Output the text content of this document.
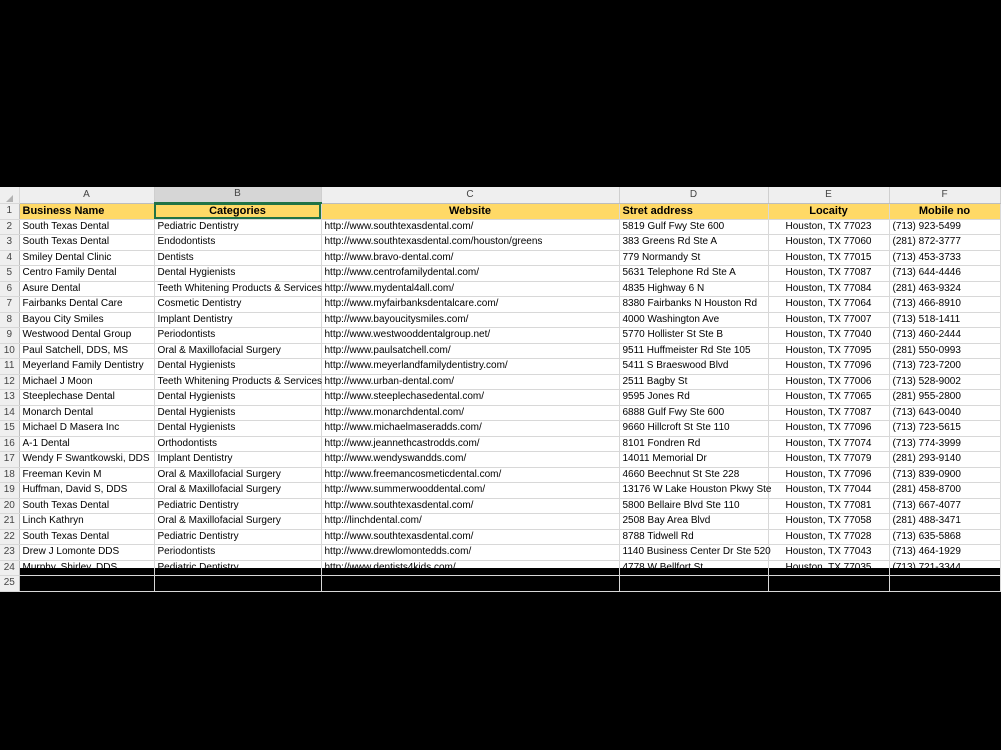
	A	B	C	D	E	F
1	Business Name	Categories	Website	Stret address	Locaity	Mobile no
2	South Texas Dental	Pediatric Dentistry	http://www.southtexasdental.com/	5819 Gulf Fwy Ste 600	Houston, TX 77023	(713) 923-5499
3	South Texas Dental	Endodontists	http://www.southtexasdental.com/houston/greens	383 Greens Rd Ste A	Houston, TX 77060	(281) 872-3777
4	Smiley Dental Clinic	Dentists	http://www.bravo-dental.com/	779 Normandy St	Houston, TX 77015	(713) 453-3733
5	Centro Family Dental	Dental Hygienists	http://www.centrofamilydental.com/	5631 Telephone Rd Ste A	Houston, TX 77087	(713) 644-4446
6	Asure Dental	Teeth Whitening Products & Services	http://www.mydental4all.com/	4835 Highway 6 N	Houston, TX 77084	(281) 463-9324
7	Fairbanks Dental Care	Cosmetic Dentistry	http://www.myfairbanksdentalcare.com/	8380 Fairbanks N Houston Rd	Houston, TX 77064	(713) 466-8910
8	Bayou City Smiles	Implant Dentistry	http://www.bayoucitysmiles.com/	4000 Washington Ave	Houston, TX 77007	(713) 518-1411
9	Westwood Dental Group	Periodontists	http://www.westwooddentalgroup.net/	5770 Hollister St Ste B	Houston, TX 77040	(713) 460-2444
10	Paul Satchell, DDS, MS	Oral & Maxillofacial Surgery	http://www.paulsatchell.com/	9511 Huffmeister Rd Ste 105	Houston, TX 77095	(281) 550-0993
11	Meyerland Family Dentistry	Dental Hygienists	http://www.meyerlandfamilydentistry.com/	5411 S Braeswood Blvd	Houston, TX 77096	(713) 723-7200
12	Michael J Moon	Teeth Whitening Products & Services	http://www.urban-dental.com/	2511 Bagby St	Houston, TX 77006	(713) 528-9002
13	Steeplechase Dental	Dental Hygienists	http://www.steeplechasedental.com/	9595 Jones Rd	Houston, TX 77065	(281) 955-2800
14	Monarch Dental	Dental Hygienists	http://www.monarchdental.com/	6888 Gulf Fwy Ste 600	Houston, TX 77087	(713) 643-0040
15	Michael D Masera Inc	Dental Hygienists	http://www.michaelmaseradds.com/	9660 Hillcroft St Ste 110	Houston, TX 77096	(713) 723-5615
16	A-1 Dental	Orthodontists	http://www.jeannethcastrodds.com/	8101 Fondren Rd	Houston, TX 77074	(713) 774-3999
17	Wendy F Swantkowski, DDS	Implant Dentistry	http://www.wendyswandds.com/	14011 Memorial Dr	Houston, TX 77079	(281) 293-9140
18	Freeman Kevin M	Oral & Maxillofacial Surgery	http://www.freemancosmeticdental.com/	4660 Beechnut St Ste 228	Houston, TX 77096	(713) 839-0900
19	Huffman, David S, DDS	Oral & Maxillofacial Surgery	http://www.summerwooddental.com/	13176 W Lake Houston Pkwy Ste	Houston, TX 77044	(281) 458-8700
20	South Texas Dental	Pediatric Dentistry	http://www.southtexasdental.com/	5800 Bellaire Blvd Ste 110	Houston, TX 77081	(713) 667-4077
21	Linch Kathryn	Oral & Maxillofacial Surgery	http://linchdental.com/	2508 Bay Area Blvd	Houston, TX 77058	(281) 488-3471
22	South Texas Dental	Pediatric Dentistry	http://www.southtexasdental.com/	8788 Tidwell Rd	Houston, TX 77028	(713) 635-5868
23	Drew J Lomonte DDS	Periodontists	http://www.drewlomontedds.com/	1140 Business Center Dr Ste 520	Houston, TX 77043	(713) 464-1929
24	Murphy, Shirley, DDS	Pediatric Dentistry	http://www.dentists4kids.com/	4778 W Bellfort St	Houston, TX 77035	(713) 721-3344
25	South Texas Dental	Pediatric Dentistry	http://www.southtexasdental.com/	12052 East Fwy	Houston, TX 77029	(713) 451-5700
